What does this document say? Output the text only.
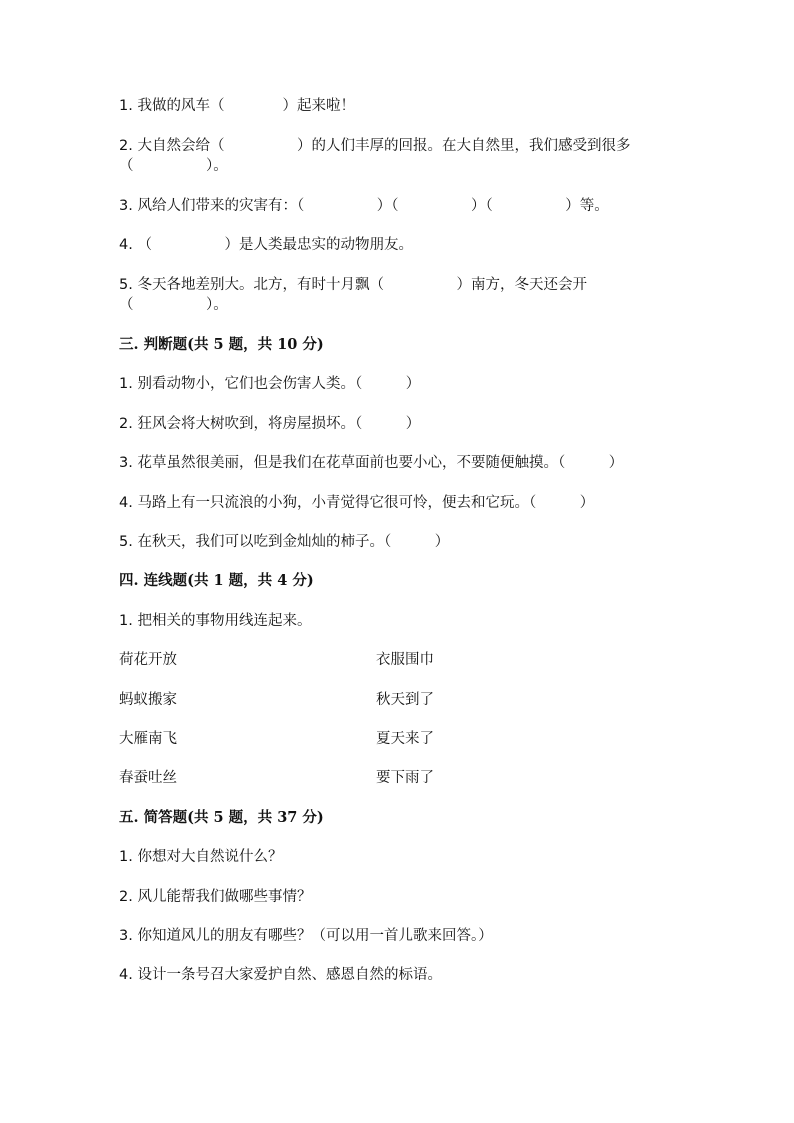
1. 我做的风车（　　　　）起来啦！
2. 大自然会给（　　　　　）的人们丰厚的回报。在大自然里，我们感受到很多
（　　　　　）。
3. 风给人们带来的灾害有：（　　　　　）（　　　　　）（　　　　　）等。
4. （　　　　　）是人类最忠实的动物朋友。
5. 冬天各地差别大。北方，有时十月飘（　　　　　）南方，冬天还会开
（　　　　　）。
三. 判断题(共 5 题，共 10 分)
1. 别看动物小，它们也会伤害人类。（　　　）
2. 狂风会将大树吹到，将房屋损坏。（　　　）
3. 花草虽然很美丽，但是我们在花草面前也要小心，不要随便触摸。（　　　）
4. 马路上有一只流浪的小狗，小青觉得它很可怜，便去和它玩。（　　　）
5. 在秋天，我们可以吃到金灿灿的柿子。（　　　）
四. 连线题(共 1 题，共 4 分)
1. 把相关的事物用线连起来。
荷花开放	衣服围巾
蚂蚁搬家	秋天到了
大雁南飞	夏天来了
春蚕吐丝	要下雨了
五. 简答题(共 5 题，共 37 分)
1. 你想对大自然说什么？
2. 风儿能帮我们做哪些事情？
3. 你知道风儿的朋友有哪些？（可以用一首儿歌来回答。）
4. 设计一条号召大家爱护自然、感恩自然的标语。
